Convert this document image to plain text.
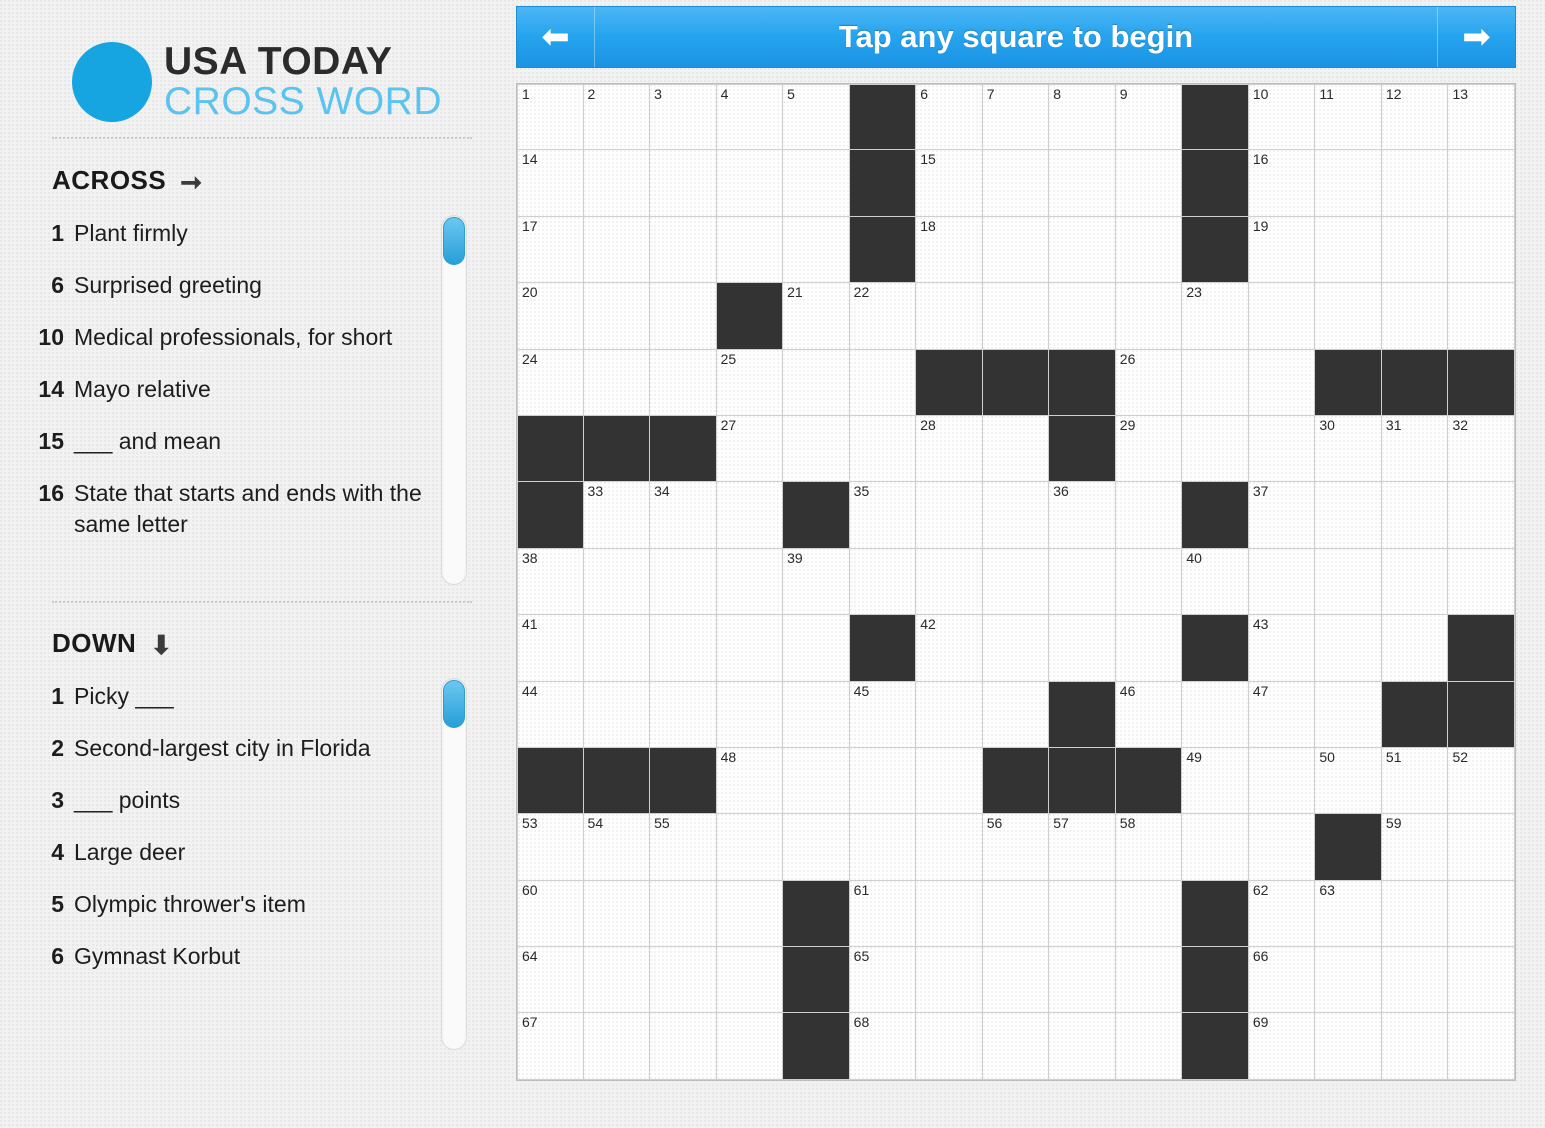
USA TODAY
CROSS WORD
ACROSS ➞
1 Plant firmly
6 Surprised greeting
10 Medical professionals, for short
14 Mayo relative
15 ___ and mean
16 State that starts and ends with the same letter
DOWN ⬇
1 Picky ___
2 Second-largest city in Florida
3 ___ points
4 Large deer
5 Olympic thrower's item
6 Gymnast Korbut
⬅	Tap any square to begin	➡
1	2	3	4	5	6	7	8	9	10	11	12	13
14	15	16
17	18	19
20	21	22	23
24	25	26
27	28	29	30	31	32
33	34	35	36	37
38	39	40
41	42	43
44	45	46	47
48	49	50	51	52
53	54	55	56	57	58	59
60	61	62	63
64	65	66
67	68	69
